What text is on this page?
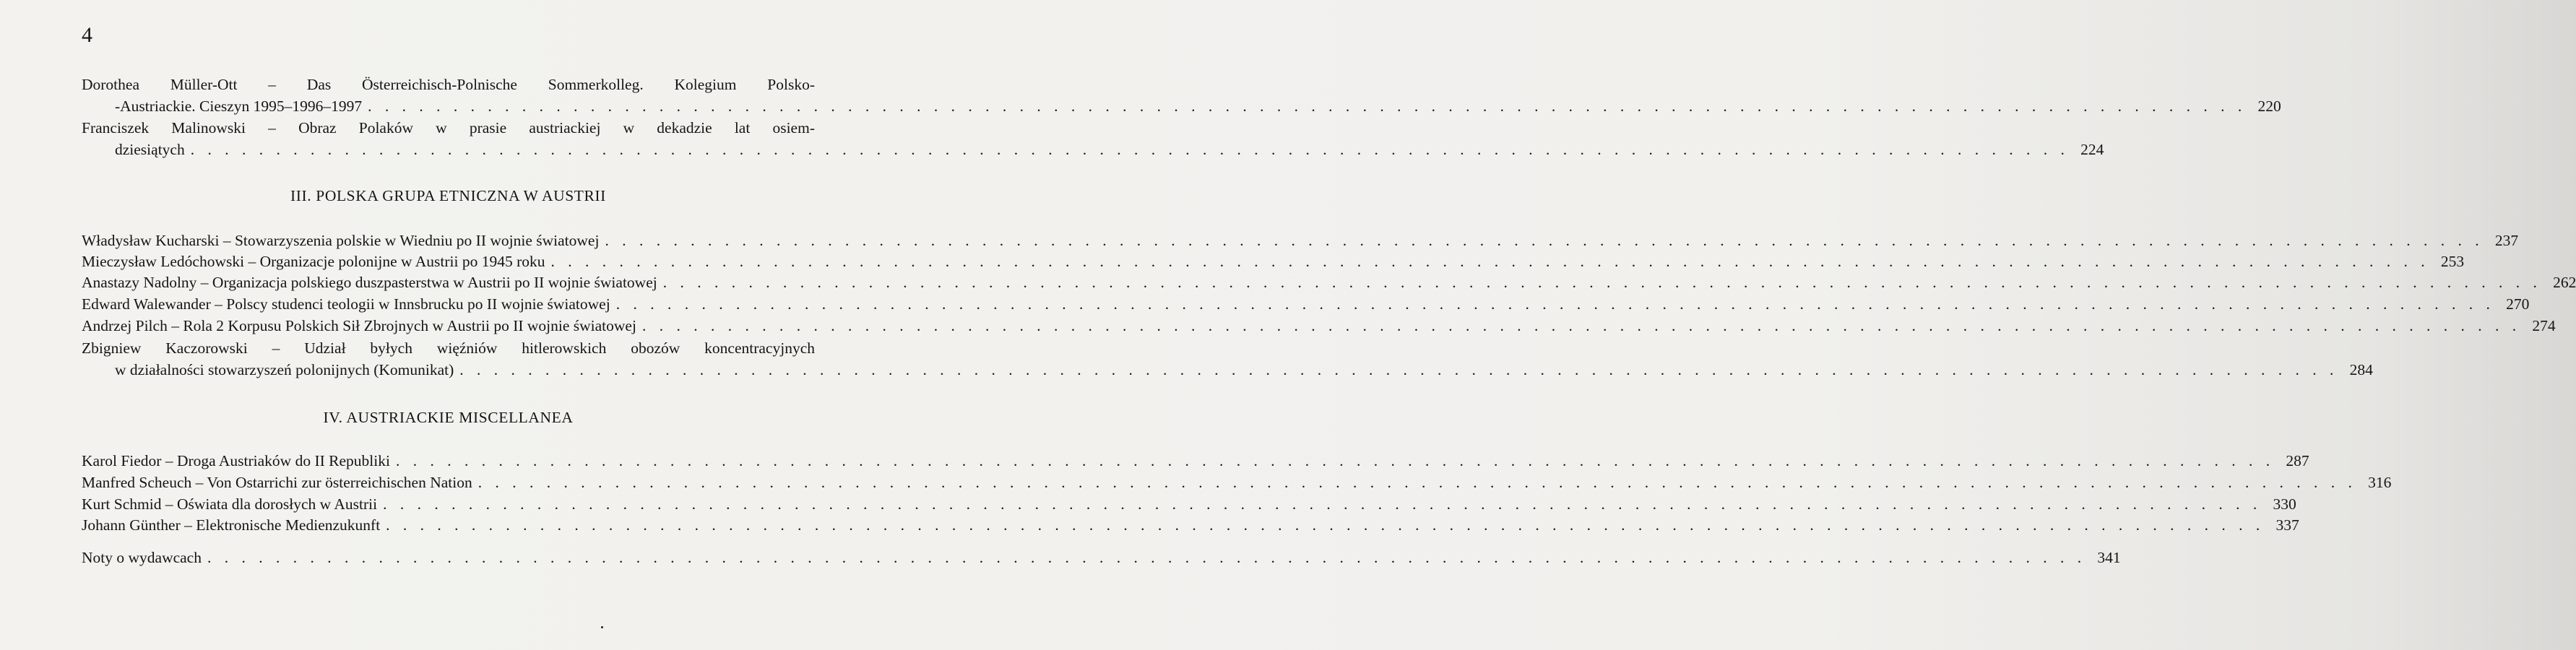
4
Dorothea Müller-Ott – Das Österreichisch-Polnische Sommerkolleg. Kolegium Polsko-
-Austriackie. Cieszyn 1995–1996–1997 . . . . . . . . . . . . . . . . . . . . . . . . . . . . . . . . . . . . . . . . . . . . . . . . . . . . . . . . . . . . . . . . . . . . . . . . . . . . . . . . . . . . . . . . . . . . . . . . . . . . . . . . . . . . . . 220
Franciszek Malinowski – Obraz Polaków w prasie austriackiej w dekadzie lat osiem-
dziesiątych . . . . . . . . . . . . . . . . . . . . . . . . . . . . . . . . . . . . . . . . . . . . . . . . . . . . . . . . . . . . . . . . . . . . . . . . . . . . . . . . . . . . . . . . . . . . . . . . . . . . . . . . . . . . . . 224
III. POLSKA GRUPA ETNICZNA W AUSTRII
Władysław Kucharski – Stowarzyszenia polskie w Wiedniu po II wojnie światowej . . . . . . . . . . . . . . . . . . . . . . . . . . . . . . . . . . . . . . . . . . . . . . . . . . . . . . . . . . . . . . . . . . . . . . . . . . . . . . . . . . . . . . . . . . . . . . . . . . . . . . . . . . . . . . 237
Mieczysław Ledóchowski – Organizacje polonijne w Austrii po 1945 roku . . . . . . . . . . . . . . . . . . . . . . . . . . . . . . . . . . . . . . . . . . . . . . . . . . . . . . . . . . . . . . . . . . . . . . . . . . . . . . . . . . . . . . . . . . . . . . . . . . . . . . . . . . . . . . 253
Anastazy Nadolny – Organizacja polskiego duszpasterstwa w Austrii po II wojnie światowej . . . . . . . . . . . . . . . . . . . . . . . . . . . . . . . . . . . . . . . . . . . . . . . . . . . . . . . . . . . . . . . . . . . . . . . . . . . . . . . . . . . . . . . . . . . . . . . . . . . . . . . . . . . . . . 262
Edward Walewander – Polscy studenci teologii w Innsbrucku po II wojnie światowej . . . . . . . . . . . . . . . . . . . . . . . . . . . . . . . . . . . . . . . . . . . . . . . . . . . . . . . . . . . . . . . . . . . . . . . . . . . . . . . . . . . . . . . . . . . . . . . . . . . . . . . . . . . . . . 270
Andrzej Pilch – Rola 2 Korpusu Polskich Sił Zbrojnych w Austrii po II wojnie światowej . . . . . . . . . . . . . . . . . . . . . . . . . . . . . . . . . . . . . . . . . . . . . . . . . . . . . . . . . . . . . . . . . . . . . . . . . . . . . . . . . . . . . . . . . . . . . . . . . . . . . . . . . . . . . . 274
Zbigniew Kaczorowski – Udział byłych więźniów hitlerowskich obozów koncentracyjnych
w działalności stowarzyszeń polonijnych (Komunikat) . . . . . . . . . . . . . . . . . . . . . . . . . . . . . . . . . . . . . . . . . . . . . . . . . . . . . . . . . . . . . . . . . . . . . . . . . . . . . . . . . . . . . . . . . . . . . . . . . . . . . . . . . . . . . . 284
IV. AUSTRIACKIE MISCELLANEA
Karol Fiedor – Droga Austriaków do II Republiki . . . . . . . . . . . . . . . . . . . . . . . . . . . . . . . . . . . . . . . . . . . . . . . . . . . . . . . . . . . . . . . . . . . . . . . . . . . . . . . . . . . . . . . . . . . . . . . . . . . . . . . . . . . . . . 287
Manfred Scheuch – Von Ostarrichi zur österreichischen Nation . . . . . . . . . . . . . . . . . . . . . . . . . . . . . . . . . . . . . . . . . . . . . . . . . . . . . . . . . . . . . . . . . . . . . . . . . . . . . . . . . . . . . . . . . . . . . . . . . . . . . . . . . . . . . . 316
Kurt Schmid – Oświata dla dorosłych w Austrii . . . . . . . . . . . . . . . . . . . . . . . . . . . . . . . . . . . . . . . . . . . . . . . . . . . . . . . . . . . . . . . . . . . . . . . . . . . . . . . . . . . . . . . . . . . . . . . . . . . . . . . . . . . . . . 330
Johann Günther – Elektronische Medienzukunft . . . . . . . . . . . . . . . . . . . . . . . . . . . . . . . . . . . . . . . . . . . . . . . . . . . . . . . . . . . . . . . . . . . . . . . . . . . . . . . . . . . . . . . . . . . . . . . . . . . . . . . . . . . . . . 337
Noty o wydawcach . . . . . . . . . . . . . . . . . . . . . . . . . . . . . . . . . . . . . . . . . . . . . . . . . . . . . . . . . . . . . . . . . . . . . . . . . . . . . . . . . . . . . . . . . . . . . . . . . . . . . . . . . . . . . . 341
